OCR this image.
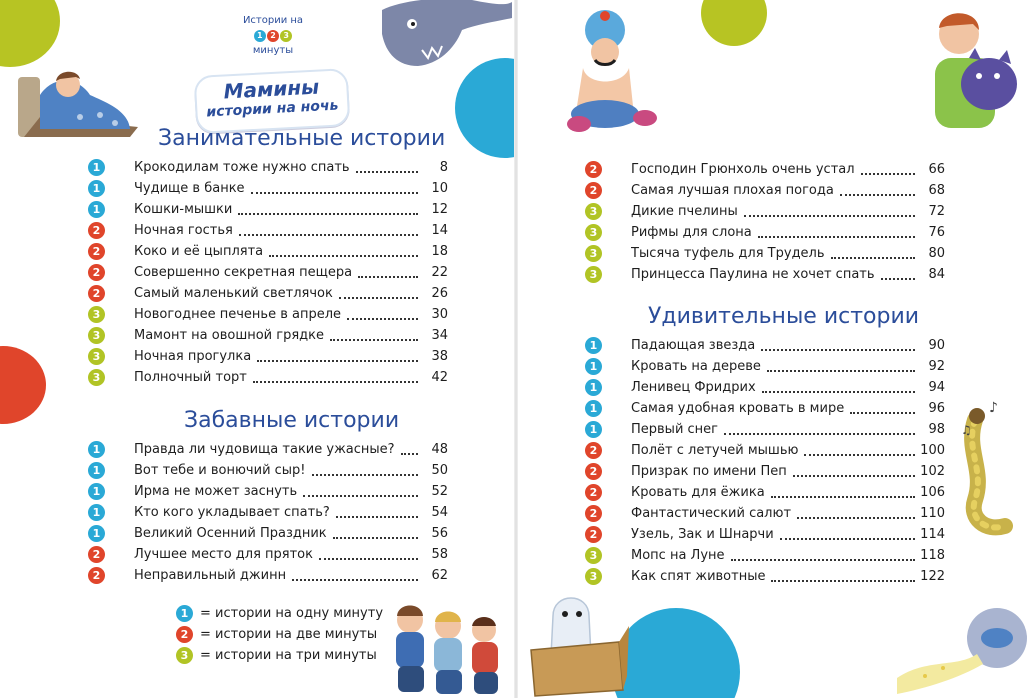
Истории на
1 2 3
минуты
Мамины
истории на ночь
Занимательные истории
1	Крокодилам тоже нужно спать	8
1	Чудище в банке	10
1	Кошки-мышки	12
2	Ночная гостья	14
2	Коко и её цыплята	18
2	Совершенно секретная пещера	22
2	Самый маленький светлячок	26
3	Новогоднее печенье в апреле	30
3	Мамонт на овошной грядке	34
3	Ночная прогулка	38
3	Полночный торт	42
Забавные истории
1	Правда ли чудовища такие ужасные?	48
1	Вот тебе и вонючий сыр!	50
1	Ирма не может заснуть	52
1	Кто кого укладывает спать?	54
1	Великий Осенний Праздник	56
2	Лучшее место для пряток	58
2	Неправильный джинн	62
1 = истории на одну минуту
2 = истории на две минуты
3 = истории на три минуты
2	Господин Грюнхоль очень устал	66
2	Самая лучшая плохая погода	68
3	Дикие пчелины	72
3	Рифмы для слона	76
3	Тысяча туфель для Трудель	80
3	Принцесса Паулина не хочет спать	84
Удивительные истории
1	Падающая звезда	90
1	Кровать на дереве	92
1	Ленивец Фридрих	94
1	Самая удобная кровать в мире	96
1	Первый снег	98
2	Полёт с летучей мышью	100
2	Призрак по имени Пеп	102
2	Кровать для ёжика	106
2	Фантастический салют	110
2	Узель, Зак и Шнарчи	114
3	Мопс на Луне	118
3	Как спят животные	122
♪
♫
